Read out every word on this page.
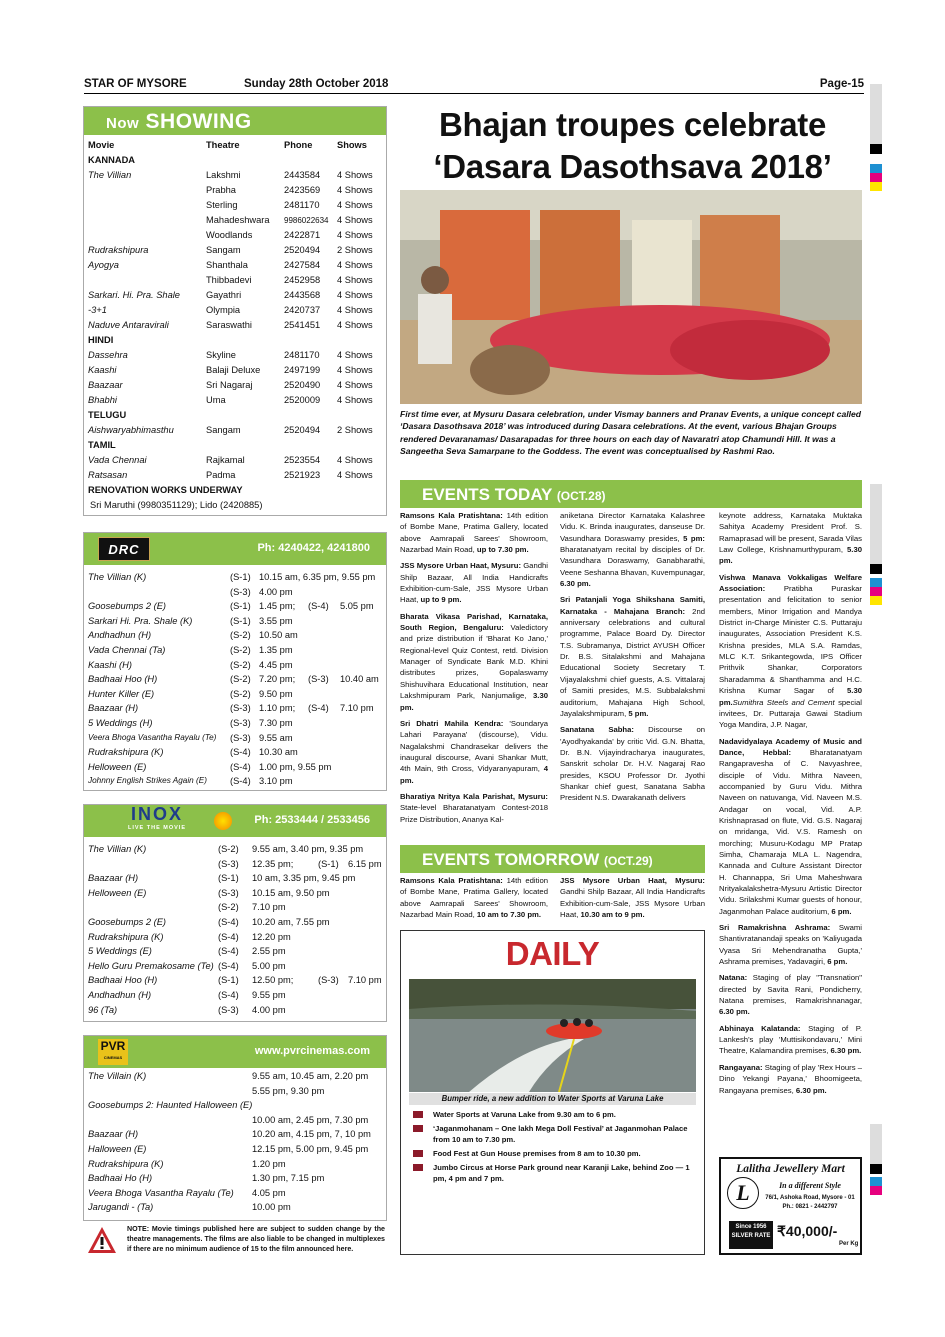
STAR OF MYSORE	Sunday 28th October 2018	Page-15
Now SHOWING
Movie	Theatre	Phone	Shows
KANNADA
The Villian	Lakshmi	2443584 4 Shows
Prabha	2423569 4 Shows
Sterling	2481170 4 Shows
Mahadeshwara 9986022634 4 Shows
Woodlands	2422871 4 Shows
Rudrakshipura	Sangam	2520494 2 Shows
Ayogya	Shanthala	2427584 4 Shows
Thibbadevi	2452958 4 Shows
Sarkari. Hi. Pra. Shale	Gayathri	2443568 4 Shows
-3+1	Olympia	2420737 4 Shows
Naduve Antaravirali	Saraswathi	2541451 4 Shows
HINDI
Dassehra	Skyline	2481170 4 Shows
Kaashi	Balaji Deluxe	2497199 4 Shows
Baazaar	Sri Nagaraj	2520490 4 Shows
Bhabhi	Uma	2520009 4 Shows
TELUGU
Aishwaryabhimasthu	Sangam	2520494 2 Shows
TAMIL
Vada Chennai	Rajkamal	2523554 4 Shows
Ratsasan	Padma	2521923 4 Shows
RENOVATION WORKS UNDERWAY
Sri Maruthi (9980351129); Lido (2420885)
DRC	Ph: 4240422, 4241800
The Villian (K)	(S-1) 10.15 am, 6.35 pm, 9.55 pm
(S-3) 4.00 pm
Goosebumps 2 (E)	(S-1) 1.45 pm; (S-4) 5.05 pm
Sarkari Hi. Pra. Shale (K)	(S-1) 3.55 pm
Andhadhun (H)	(S-2) 10.50 am
Vada Chennai (Ta)	(S-2) 1.35 pm
Kaashi (H)	(S-2) 4.45 pm
Badhaai Hoo (H)	(S-2) 7.20 pm; (S-3) 10.40 am
Hunter Killer (E)	(S-2) 9.50 pm
Baazaar (H)	(S-3) 1.10 pm; (S-4) 7.10 pm
5 Weddings (H)	(S-3) 7.30 pm
Veera Bhoga Vasantha Rayalu (Te) (S-3) 9.55 am
Rudrakshipura (K)	(S-4) 10.30 am
Helloween (E)	(S-4) 1.00 pm, 9.55 pm
Johnny English Strikes Again (E) (S-4) 3.10 pm
INOX
LIVE THE MOVIE
Ph: 2533444 / 2533456
The Villian (K)	(S-2) 9.55 am, 3.40 pm, 9.35 pm
(S-3) 12.35 pm;	(S-1) 6.15 pm
Baazaar (H)	(S-1) 10 am, 3.35 pm, 9.45 pm
Helloween (E)	(S-3) 10.15 am, 9.50 pm
(S-2) 7.10 pm
Goosebumps 2 (E)	(S-4) 10.20 am, 7.55 pm
Rudrakshipura (K)	(S-4) 12.20 pm
5 Weddings (E)	(S-4) 2.55 pm
Hello Guru Premakosame (Te) (S-4) 5.00 pm
Badhaai Hoo (H)	(S-1) 12.50 pm;	(S-3) 7.10 pm
Andhadhun (H)	(S-4) 9.55 pm
96 (Ta)	(S-3) 4.00 pm
PVR
CINEMAS
www.pvrcinemas.com
The Villain (K)	9.55 am, 10.45 am, 2.20 pm
5.55 pm, 9.30 pm
Goosebumps 2: Haunted Halloween (E)
10.00 am, 2.45 pm, 7.30 pm
Baazaar (H)	10.20 am, 4.15 pm, 7, 10 pm
Halloween (E)	12.15 pm, 5.00 pm, 9.45 pm
Rudrakshipura (K)	1.20 pm
Badhaai Ho (H)	1.30 pm, 7.15 pm
Veera Bhoga Vasantha Rayalu (Te) 4.05 pm
Jarugandi - (Ta)	10.00 pm
NOTE: Movie timings published here are subject to sudden change by the theatre managements. The films are also liable to be changed in multiplexes if there are no minimum audience of 15 to the film announced here.
Bhajan troupes celebrate
‘Dasara Dasothsava 2018’
First time ever, at Mysuru Dasara celebration, under Vismay banners and Pranav Events, a unique concept called ‘Dasara Dasothsava 2018’ was introduced during Dasara celebrations. At the event, various Bhajan Groups rendered Devaranamas/ Dasarapadas for three hours on each day of Navaratri atop Chamundi Hill. It was a Sangeetha Seva Samarpane to the Goddess. The event was conceptualised by Rashmi Rao.
EVENTS TODAY (OCT.28)

Ramsons Kala Pratishtana: 14th edition of Bombe Mane, Pratima Gallery, located above Aamrapali Sarees' Showroom, Nazarbad Main Road, up to 7.30 pm.

JSS Mysore Urban Haat, Mysuru: Gandhi Shilp Bazaar, All India Handicrafts Exhibition-cum-Sale, JSS Mysore Urban Haat, up to 9 pm.

Bharata Vikasa Parishad, Karnataka, South Region, Bengaluru: Valedictory and prize distribution if 'Bharat Ko Jano,' Regional-level Quiz Contest, retd. Division Manager of Syndicate Bank M.D. Khini distributes prizes, Gopalaswamy Shishuvihara Educational Institution, near Lakshmipuram Park, Nanjumalige, 3.30 pm.

Sri Dhatri Mahila Kendra: 'Soundarya Lahari Parayana' (discourse), Vidu. Nagalakshmi Chandrasekar delivers the inaugural discourse, Avani Shankar Mutt, 4th Main, 9th Cross, Vidyaranyapuram, 4 pm.

Bharatiya Nritya Kala Parishat, Mysuru: State-level Bharatanatyam Contest-2018 Prize Distribution, Ananya Kal-

aniketana Director Karnataka Kalashree Vidu. K. Brinda inaugurates, danseuse Dr. Vasundhara Doraswamy presides, 5 pm: Bharatanatyam recital by disciples of Dr. Vasundhara Doraswamy, Ganabharathi, Veene Seshanna Bhavan, Kuvempunagar, 6.30 pm.

Sri Patanjali Yoga Shikshana Samiti, Karnataka - Mahajana Branch: 2nd anniversary celebrations and cultural programme, Palace Board Dy. Director T.S. Subramanya, District AYUSH Officer Dr. B.S. Sitalakshmi and Mahajana Educational Society Secretary T. Vijayalakshmi chief guests, A.S. Vittalaraj of Samiti presides, M.S. Subbalakshmi auditorium, Mahajana High School, Jayalakshmipuram, 5 pm.

Sanatana Sabha: Discourse on 'Ayodhyakanda' by critic Vid. G.N. Bhatta, Dr. B.N. Vijayindracharya inaugurates, Sanskrit scholar Dr. H.V. Nagaraj Rao presides, KSOU Professor Dr. Jyothi Shankar chief guest, Sanatana Sabha President N.S. Dwarakanath delivers

keynote address, Karnataka Muktaka Sahitya Academy President Prof. S. Ramaprasad will be present, Sarada Vilas Law College, Krishnamurthypuram, 5.30 pm.

Vishwa Manava Vokkaligas Welfare Association: Pratibha Puraskar presentation and felicitation to senior members, Minor Irrigation and Mandya District in-Charge Minister C.S. Puttaraju inaugurates, Association President K.S. Krishna presides, MLA S.A. Ramdas, MLC K.T. Srikantegowda, IPS Officer Prithvik Shankar, Corporators Sharadamma & Shanthamma and H.C. Krishna Kumar Sagar of 5.30 pm.Sumithra Steels and Cement special invitees, Dr. Puttaraja Gawai Stadium Yoga Mandira, J.P. Nagar,

Nadavidyalaya Academy of Music and Dance, Hebbal: Bharatanatyam Rangapravesha of C. Navyashree, disciple of Vidu. Mithra Naveen, accompanied by Guru Vidu. Mithra Naveen on natuvanga, Vid. Naveen M.S. Andagar on vocal, Vid. A.P. Krishnaprasad on flute, Vid. G.S. Nagaraj on mridanga, Vid. V.S. Ramesh on morching; Musuru-Kodagu MP Pratap Simha, Chamaraja MLA L. Nagendra, Kannada and Culture Assistant Director H. Channappa, Sri Uma Maheshwara Nrityakalakshetra-Mysuru Artistic Director Vidu. Srilakshmi Kumar guests of honour, Jaganmohan Palace auditorium, 6 pm.

Sri Ramakrishna Ashrama: Swami Shantivratanandaji speaks on 'Kaliyugada Vyasa Sri Mehendranatha Gupta,' Ashrama premises, Yadavagiri, 6 pm.

Natana: Staging of play "Transnation" directed by Savita Rani, Pondicherry, Natana premises, Ramakrishnanagar, 6.30 pm.

Abhinaya Kalatanda: Staging of P. Lankesh's play 'Muttisikondavaru,' Mini Theatre, Kalamandira premises, 6.30 pm.

Rangayana: Staging of play 'Rex Hours – Dino Yekangi Payana,' Bhoomigeeta, Rangayana premises, 6.30 pm.

EVENTS TOMORROW (OCT.29)

Ramsons Kala Pratishtana: 14th edition of Bombe Mane, Pratima Gallery, located above Aamrapali Sarees' Showroom, Nazarbad Main Road, 10 am to 7.30 pm.

JSS Mysore Urban Haat, Mysuru: Gandhi Shilp Bazaar, All India Handicrafts Exhibition-cum-Sale, JSS Mysore Urban Haat, 10.30 am to 9 pm.

DAILY
Bumper ride, a new addition to Water Sports at Varuna Lake
Water Sports at Varuna Lake from 9.30 am to 6 pm.
‘Jaganmohanam – One lakh Mega Doll Festival’ at Jaganmohan Palace from 10 am to 7.30 pm.
Food Fest at Gun House premises from 8 am to 10.30 pm.
Jumbo Circus at Horse Park ground near Karanji Lake, behind Zoo — 1 pm, 4 pm and 7 pm.
Lalitha Jewellery Mart
In a different Style
L	76/1, Ashoka Road, Mysore - 01
Ph.: 0821 - 2442797
Since 1956
SILVER RATE ₹40,000/-
Per Kg
